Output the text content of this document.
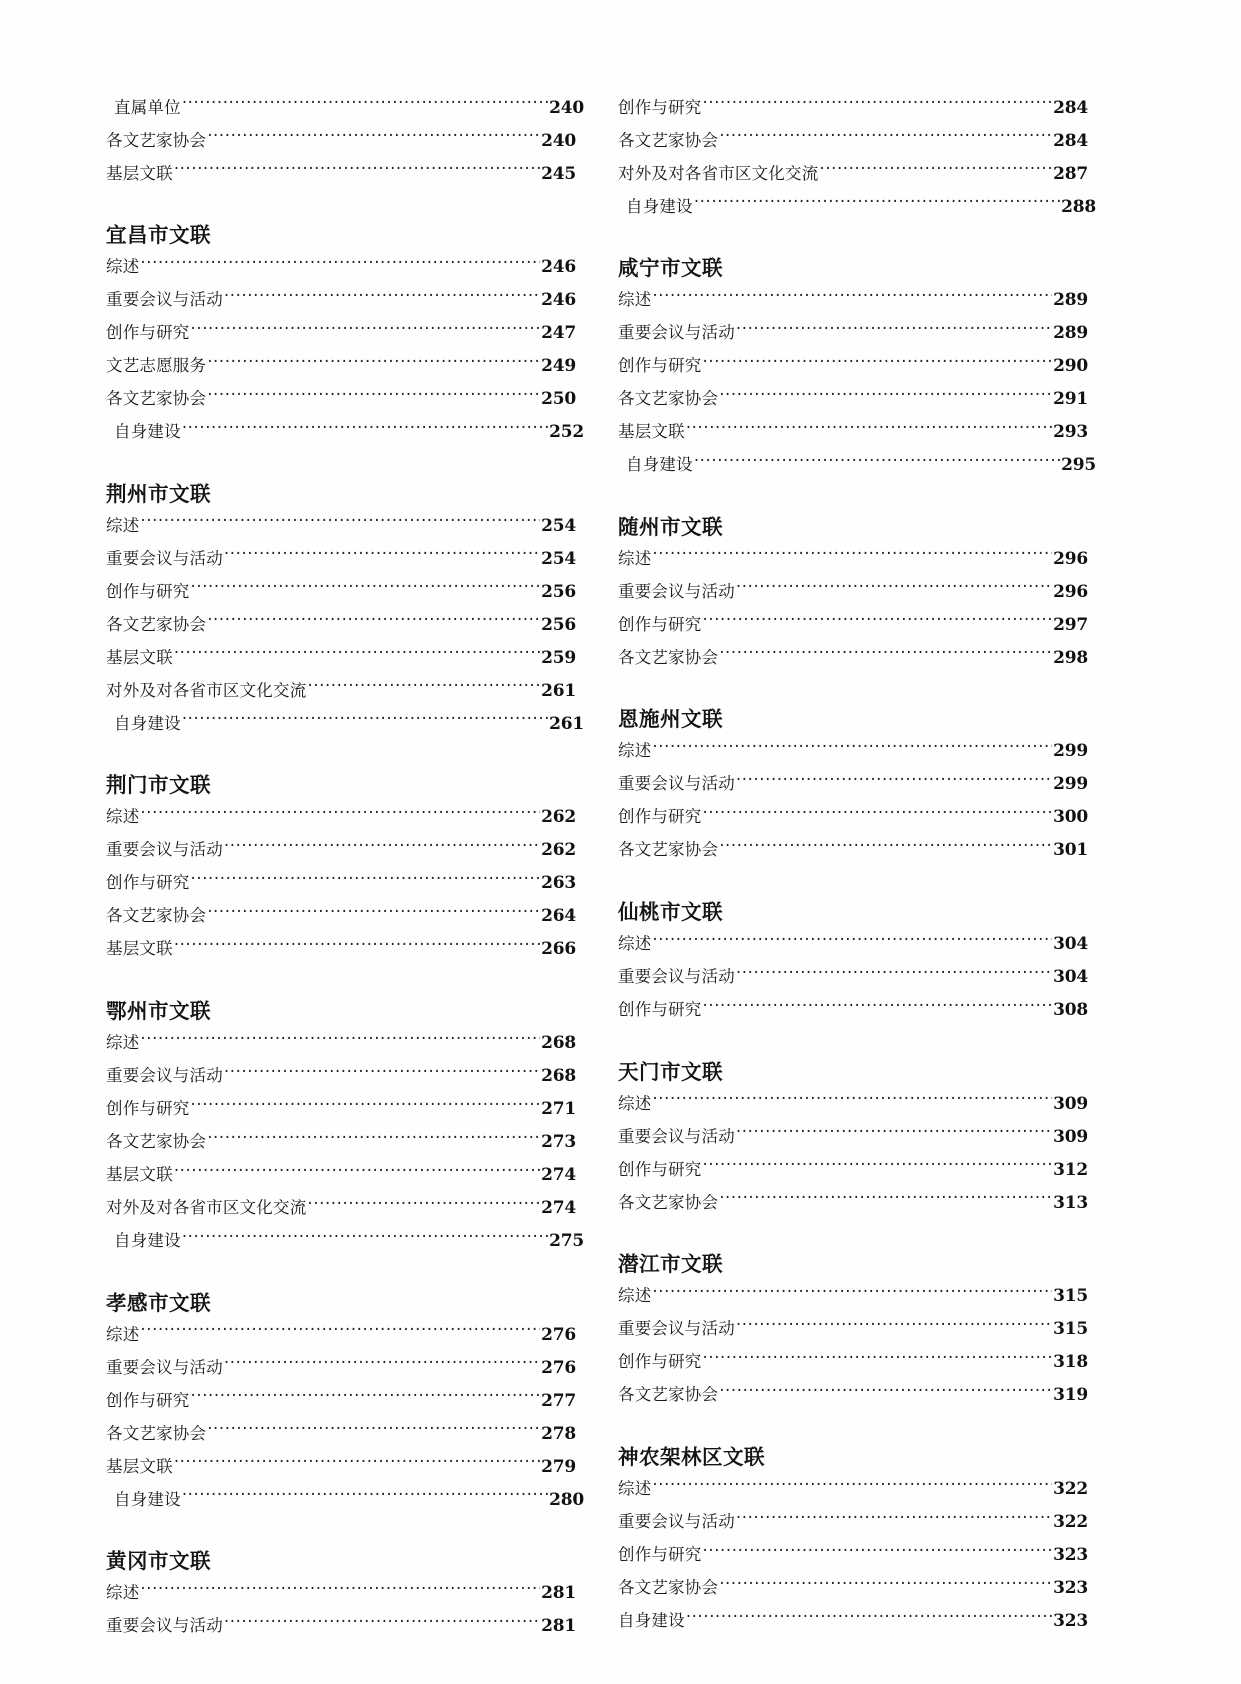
直属单位 ·····	240
各文艺家协会 ·····	240
基层文联 ·····	245
宜昌市文联
综述 ·····	246
重要会议与活动 ·····	246
创作与研究 ·····	247
文艺志愿服务 ·····	249
各文艺家协会 ·····	250
自身建设 ·····	252
荆州市文联
综述 ·····	254
重要会议与活动 ·····	254
创作与研究 ·····	256
各文艺家协会 ·····	256
基层文联 ·····	259
对外及对各省市区文化交流 ·····	261
自身建设 ·····	261
荆门市文联
综述 ·····	262
重要会议与活动 ·····	262
创作与研究 ·····	263
各文艺家协会 ·····	264
基层文联 ·····	266
鄂州市文联
综述 ·····	268
重要会议与活动 ·····	268
创作与研究 ·····	271
各文艺家协会 ·····	273
基层文联 ·····	274
对外及对各省市区文化交流 ·····	274
自身建设 ·····	275
孝感市文联
综述 ·····	276
重要会议与活动 ·····	276
创作与研究 ·····	277
各文艺家协会 ·····	278
基层文联 ·····	279
自身建设 ·····	280
黄冈市文联
综述 ·····	281
重要会议与活动 ·····	281
创作与研究 ·····	284
各文艺家协会 ·····	284
对外及对各省市区文化交流 ·····	287
自身建设 ·····	288
咸宁市文联
综述 ·····	289
重要会议与活动 ·····	289
创作与研究 ·····	290
各文艺家协会 ·····	291
基层文联 ·····	293
自身建设 ·····	295
随州市文联
综述 ·····	296
重要会议与活动 ·····	296
创作与研究 ·····	297
各文艺家协会 ·····	298
恩施州文联
综述 ·····	299
重要会议与活动 ·····	299
创作与研究 ·····	300
各文艺家协会 ·····	301
仙桃市文联
综述 ·····	304
重要会议与活动 ·····	304
创作与研究 ·····	308
天门市文联
综述 ·····	309
重要会议与活动 ·····	309
创作与研究 ·····	312
各文艺家协会 ·····	313
潜江市文联
综述 ·····	315
重要会议与活动 ·····	315
创作与研究 ·····	318
各文艺家协会 ·····	319
神农架林区文联
综述 ·····	322
重要会议与活动 ·····	322
创作与研究 ·····	323
各文艺家协会 ·····	323
自身建设 ·····	323
